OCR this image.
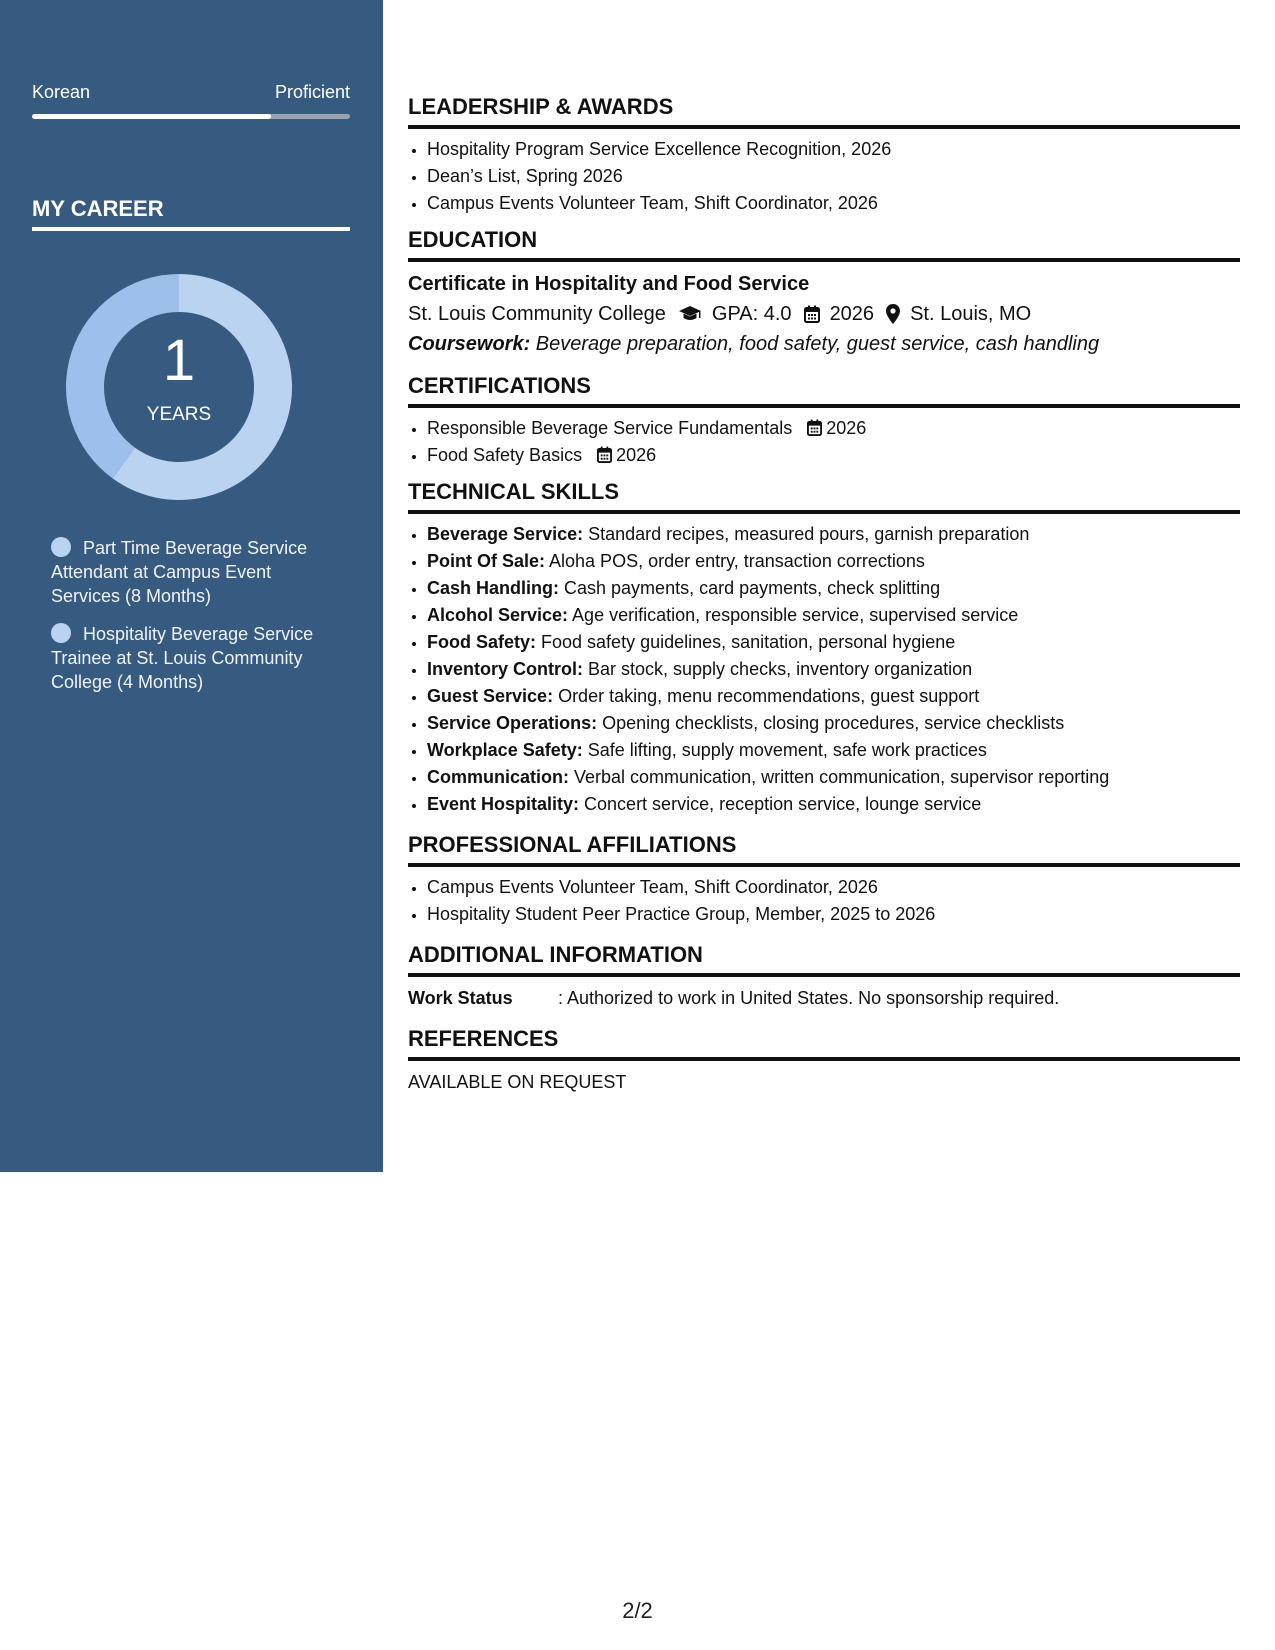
Korean	Proficient
MY CAREER
1
YEARS
Part Time Beverage Service Attendant at Campus Event Services (8 Months)
Hospitality Beverage Service Trainee at St. Louis Community College (4 Months)
LEADERSHIP & AWARDS
• Hospitality Program Service Excellence Recognition, 2026
• Dean’s List, Spring 2026
• Campus Events Volunteer Team, Shift Coordinator, 2026
EDUCATION
Certificate in Hospitality and Food Service
St. Louis Community College GPA: 4.0 2026 St. Louis, MO
Coursework: Beverage preparation, food safety, guest service, cash handling
CERTIFICATIONS
• Responsible Beverage Service Fundamentals 2026
• Food Safety Basics 2026
TECHNICAL SKILLS
• Beverage Service: Standard recipes, measured pours, garnish preparation
• Point Of Sale: Aloha POS, order entry, transaction corrections
• Cash Handling: Cash payments, card payments, check splitting
• Alcohol Service: Age verification, responsible service, supervised service
• Food Safety: Food safety guidelines, sanitation, personal hygiene
• Inventory Control: Bar stock, supply checks, inventory organization
• Guest Service: Order taking, menu recommendations, guest support
• Service Operations: Opening checklists, closing procedures, service checklists
• Workplace Safety: Safe lifting, supply movement, safe work practices
• Communication: Verbal communication, written communication, supervisor reporting
• Event Hospitality: Concert service, reception service, lounge service
PROFESSIONAL AFFILIATIONS
• Campus Events Volunteer Team, Shift Coordinator, 2026
• Hospitality Student Peer Practice Group, Member, 2025 to 2026
ADDITIONAL INFORMATION
Work Status	: Authorized to work in United States. No sponsorship required.
REFERENCES
AVAILABLE ON REQUEST
2/2
